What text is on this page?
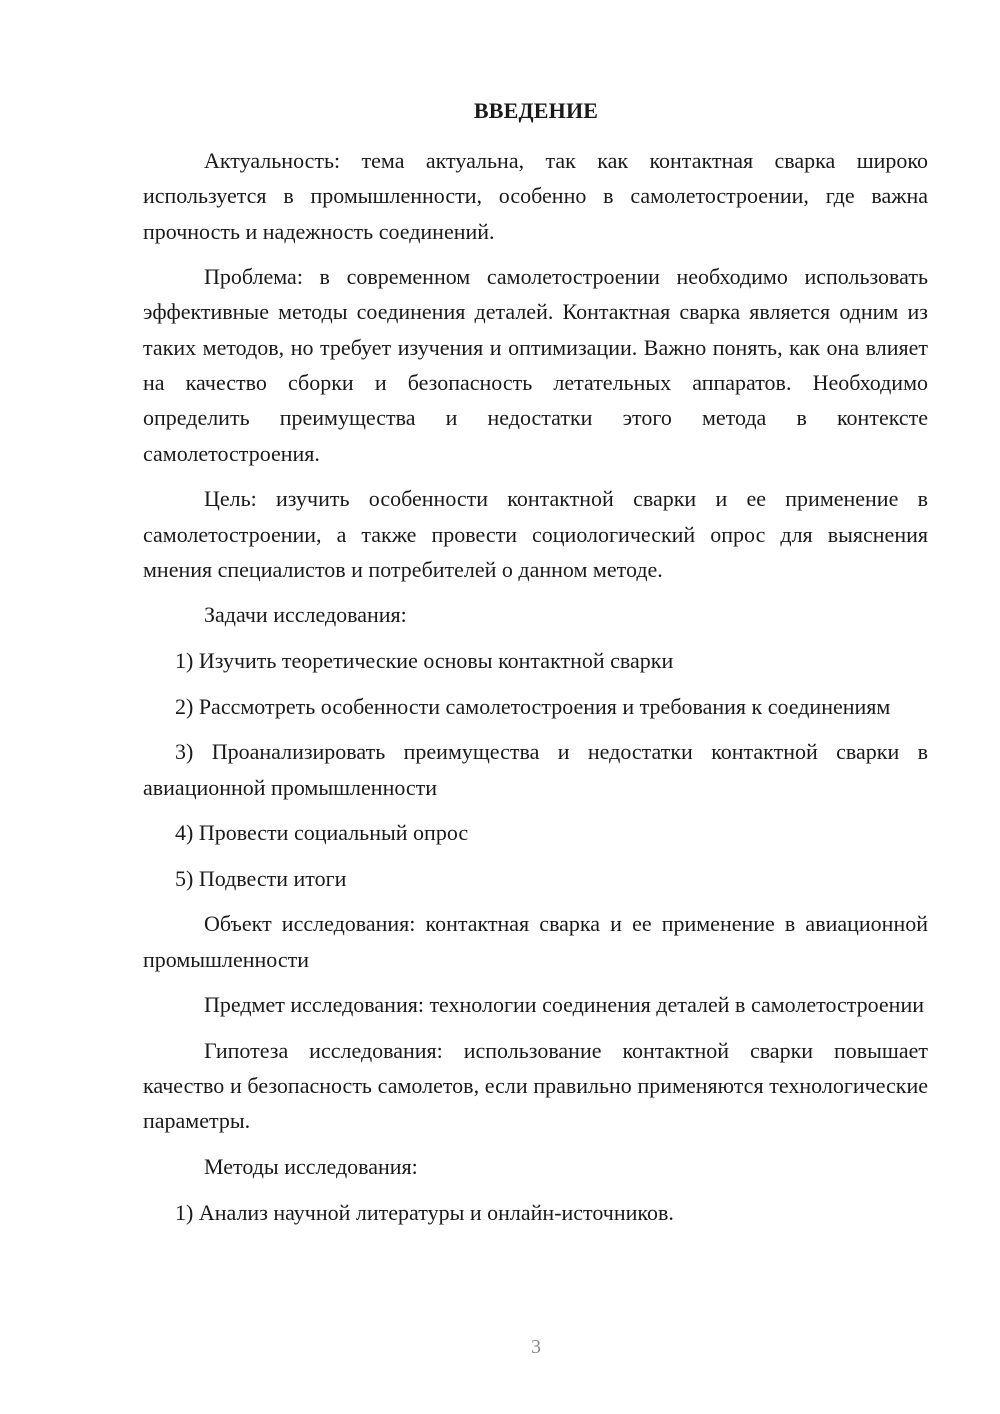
ВВЕДЕНИЕ

Актуальность: тема актуальна, так как контактная сварка широко используется в промышленности, особенно в самолетостроении, где важна прочность и надежность соединений.

Проблема: в современном самолетостроении необходимо использовать эффективные методы соединения деталей. Контактная сварка является одним из таких методов, но требует изучения и оптимизации. Важно понять, как она влияет на качество сборки и безопасность летательных аппаратов. Необходимо определить преимущества и недостатки этого метода в контексте самолетостроения.

Цель: изучить особенности контактной сварки и ее применение в самолетостроении, а также провести социологический опрос для выяснения мнения специалистов и потребителей о данном методе.

Задачи исследования:

1) Изучить теоретические основы контактной сварки

2) Рассмотреть особенности самолетостроения и требования к соединениям

3) Проанализировать преимущества и недостатки контактной сварки в авиационной промышленности

4) Провести социальный опрос

5) Подвести итоги

Объект исследования: контактная сварка и ее применение в авиационной промышленности

Предмет исследования: технологии соединения деталей в самолетостроении

Гипотеза исследования: использование контактной сварки повышает качество и безопасность самолетов, если правильно применяются технологические параметры.

Методы исследования:

1) Анализ научной литературы и онлайн-источников.

3
